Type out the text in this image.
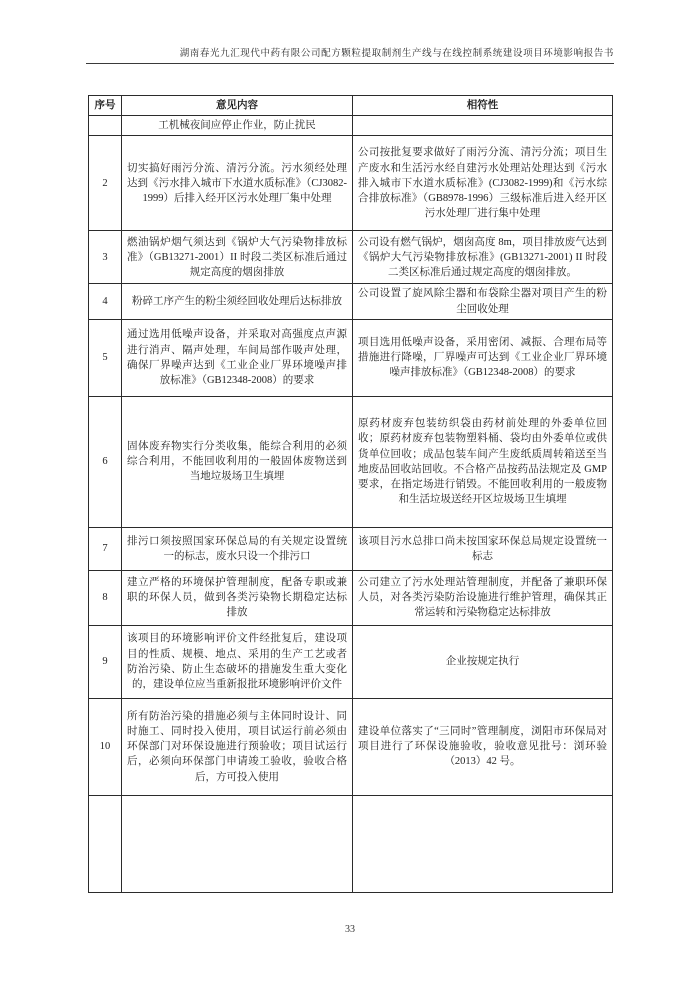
湖南春光九汇现代中药有限公司配方颗粒提取制剂生产线与在线控制系统建设项目环境影响报告书
序号	意见内容	相符性
	工机械夜间应停止作业，防止扰民	
2	切实搞好雨污分流、清污分流。污水须经处理达到《污水排入城市下水道水质标准》（CJ3082-1999）后排入经开区污水处理厂集中处理	公司按批复要求做好了雨污分流、清污分流；项目生产废水和生活污水经自建污水处理站处理达到《污水排入城市下水道水质标准》(CJ3082-1999)和《污水综合排放标准》（GB8978-1996）三级标准后进入经开区污水处理厂进行集中处理
3	燃油锅炉烟气须达到《锅炉大气污染物排放标准》（GB13271-2001）II 时段二类区标准后通过规定高度的烟囱排放	公司设有燃气锅炉，烟囱高度 8m，项目排放废气达到《锅炉大气污染物排放标准》(GB13271-2001) II 时段二类区标准后通过规定高度的烟囱排放。
4	粉碎工序产生的粉尘须经回收处理后达标排放	公司设置了旋风除尘器和布袋除尘器对项目产生的粉尘回收处理
5	通过选用低噪声设备，并采取对高强度点声源进行消声、隔声处理，车间局部作吸声处理，确保厂界噪声达到《工业企业厂界环境噪声排放标准》（GB12348-2008）的要求	项目选用低噪声设备，采用密闭、减振、合理布局等措施进行降噪，厂界噪声可达到《工业企业厂界环境噪声排放标准》（GB12348-2008）的要求
6	固体废弃物实行分类收集，能综合利用的必须综合利用，不能回收利用的一般固体废物送到当地垃圾场卫生填埋	原药材废弃包装纺织袋由药材前处理的外委单位回收；原药材废弃包装物塑料桶、袋均由外委单位或供货单位回收；成品包装车间产生废纸质周转箱送至当地废品回收站回收。不合格产品按药品法规定及 GMP 要求，在指定场进行销毁。不能回收利用的一般废物和生活垃圾送经开区垃圾场卫生填埋
7	排污口须按照国家环保总局的有关规定设置统一的标志，废水只设一个排污口	该项目污水总排口尚未按国家环保总局规定设置统一标志
8	建立严格的环境保护管理制度，配备专职或兼职的环保人员，做到各类污染物长期稳定达标排放	公司建立了污水处理站管理制度，并配备了兼职环保人员，对各类污染防治设施进行维护管理，确保其正常运转和污染物稳定达标排放
9	该项目的环境影响评价文件经批复后，建设项目的性质、规模、地点、采用的生产工艺或者防治污染、防止生态破坏的措施发生重大变化的，建设单位应当重新报批环境影响评价文件	企业按规定执行
10	所有防治污染的措施必须与主体同时设计、同时施工、同时投入使用，项目试运行前必须由环保部门对环保设施进行预验收；项目试运行后，必须向环保部门申请竣工验收，验收合格后，方可投入使用	建设单位落实了“三同时”管理制度，浏阳市环保局对项目进行了环保设施验收，验收意见批号：浏环验（2013）42 号。

33
